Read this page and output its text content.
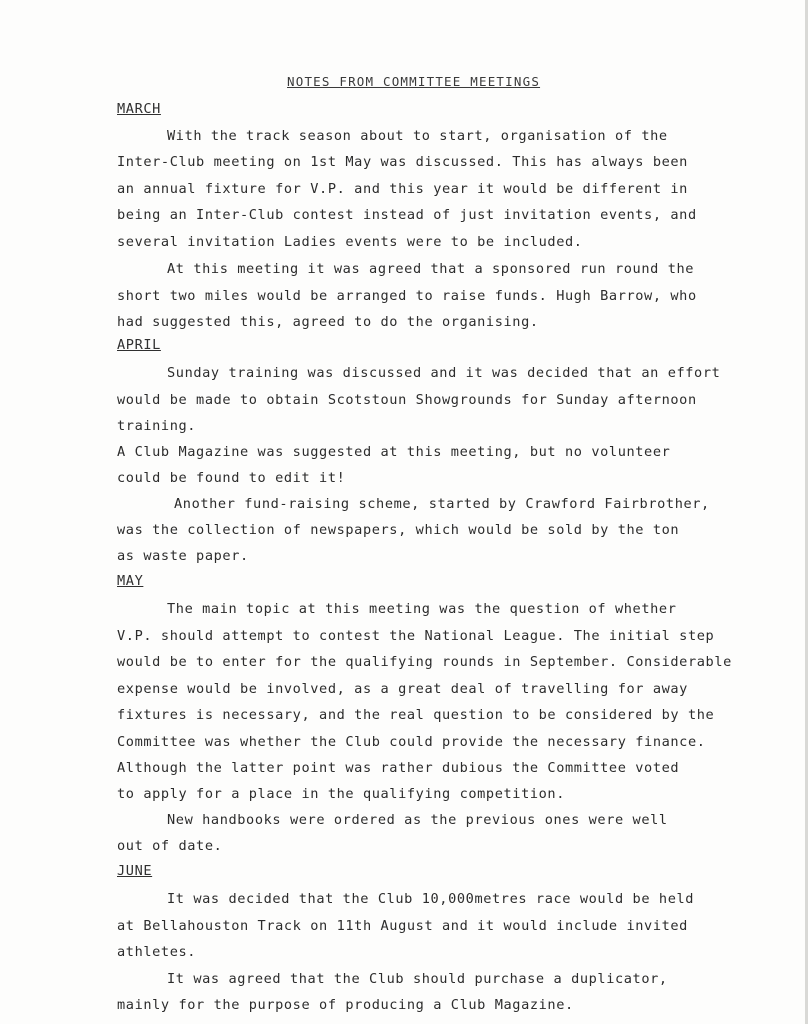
NOTES FROM COMMITTEE MEETINGS
MARCH
With the track season about to start, organisation of the
Inter-Club meeting on 1st May was discussed. This has always been
an annual fixture for V.P. and this year it would be different in
being an Inter-Club contest instead of just invitation events, and
several invitation Ladies events were to be included.
At this meeting it was agreed that a sponsored run round the
short two miles would be arranged to raise funds. Hugh Barrow, who
had suggested this, agreed to do the organising.
APRIL
Sunday training was discussed and it was decided that an effort
would be made to obtain Scotstoun Showgrounds for Sunday afternoon
training.
A Club Magazine was suggested at this meeting, but no volunteer
could be found to edit it!
Another fund-raising scheme, started by Crawford Fairbrother,
was the collection of newspapers, which would be sold by the ton
as waste paper.
MAY
The main topic at this meeting was the question of whether
V.P. should attempt to contest the National League. The initial step
would be to enter for the qualifying rounds in September. Considerable
expense would be involved, as a great deal of travelling for away
fixtures is necessary, and the real question to be considered by the
Committee was whether the Club could provide the necessary finance.
Although the latter point was rather dubious the Committee voted
to apply for a place in the qualifying competition.
New handbooks were ordered as the previous ones were well
out of date.
JUNE
It was decided that the Club 10,000metres race would be held
at Bellahouston Track on 11th August and it would include invited
athletes.
It was agreed that the Club should purchase a duplicator,
mainly for the purpose of producing a Club Magazine.
